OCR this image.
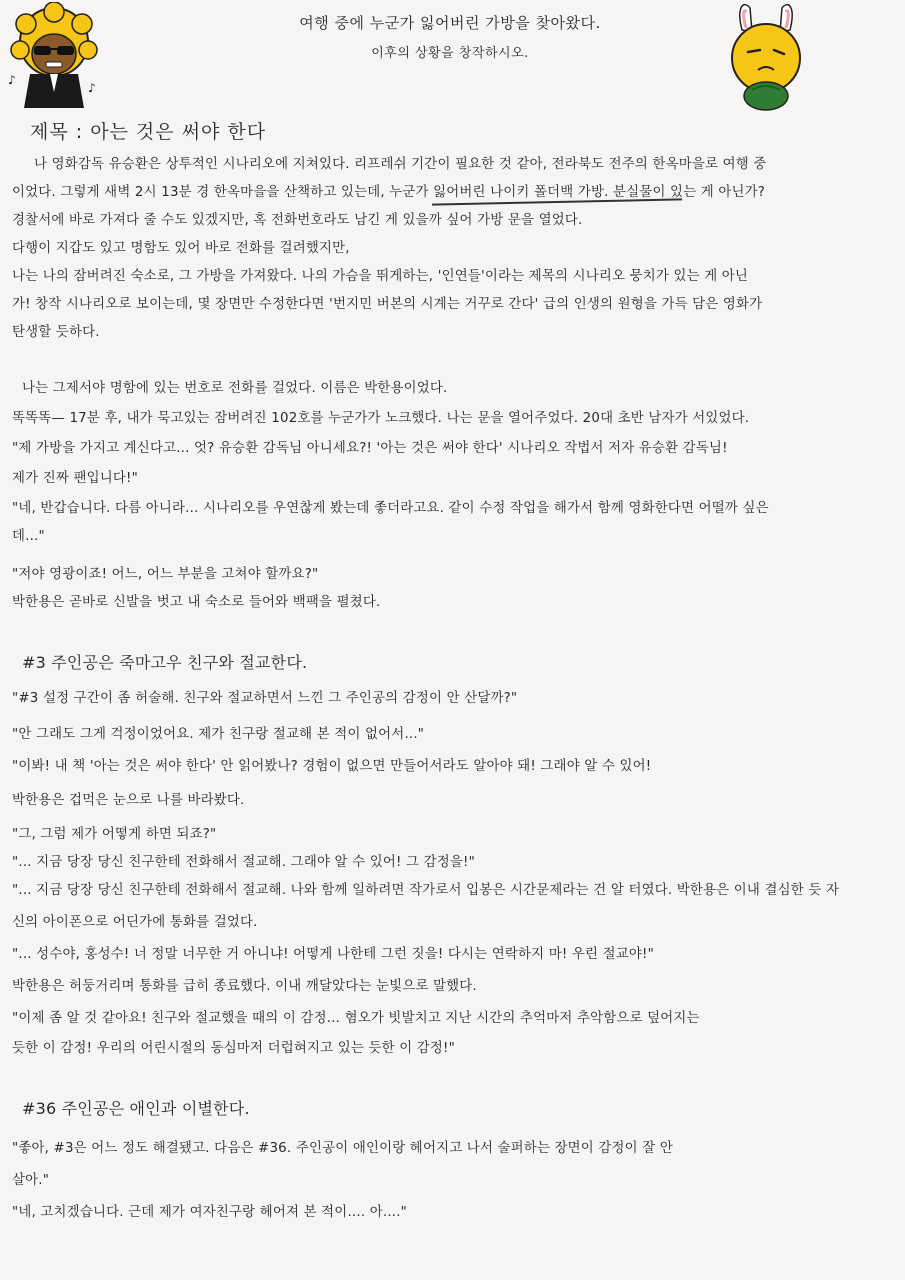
♪
♪
여행 중에 누군가 잃어버린 가방을 찾아왔다.
이후의 상황을 창작하시오.
제목 : 아는 것은 써야 한다
나 영화감독 유승환은 상투적인 시나리오에 지쳐있다. 리프레쉬 기간이 필요한 것 같아, 전라북도 전주의 한옥마을로 여행 중
이었다. 그렇게 새벽 2시 13분 경 한옥마을을 산책하고 있는데, 누군가 잃어버린 나이키 폴더백 가방. 분실물이 있는 게 아닌가?
경찰서에 바로 가져다 줄 수도 있겠지만, 혹 전화번호라도 남긴 게 있을까 싶어 가방 문을 열었다.
다행이 지갑도 있고 명함도 있어 바로 전화를 걸려했지만,
나는 나의 잠버려진 숙소로, 그 가방을 가져왔다. 나의 가슴을 뛰게하는, '인연들'이라는 제목의 시나리오 뭉치가 있는 게 아닌
가! 창작 시나리오로 보이는데, 몇 장면만 수정한다면 '번지민 버본의 시계는 거꾸로 간다' 급의 인생의 원형을 가득 담은 영화가
탄생할 듯하다.
나는 그제서야 명함에 있는 번호로 전화를 걸었다. 이름은 박한용이었다.
똑똑똑— 17분 후, 내가 묵고있는 잠버려진 102호를 누군가가 노크했다. 나는 문을 열어주었다. 20대 초반 남자가 서있었다.
"제 가방을 가지고 계신다고... 엇? 유승환 감독님 아니세요?! '아는 것은 써야 한다' 시나리오 작법서 저자 유승환 감독님!
제가 진짜 팬입니다!"
"네, 반갑습니다. 다름 아니라... 시나리오를 우연찮게 봤는데 좋더라고요. 같이 수정 작업을 해가서 함께 영화한다면 어떨까 싶은
데..."
"저야 영광이죠! 어느, 어느 부분을 고쳐야 할까요?"
박한용은 곧바로 신발을 벗고 내 숙소로 들어와 백팩을 펼쳤다.
#3 주인공은 죽마고우 친구와 절교한다.
"#3 설정 구간이 좀 허술해. 친구와 절교하면서 느낀 그 주인공의 감정이 안 산달까?"
"안 그래도 그게 걱정이었어요. 제가 친구랑 절교해 본 적이 없어서..."
"이봐! 내 책 '아는 것은 써야 한다' 안 읽어봤나? 경험이 없으면 만들어서라도 알아야 돼! 그래야 알 수 있어!
박한용은 겁먹은 눈으로 나를 바라봤다.
"그, 그럼 제가 어떻게 하면 되죠?"
"... 지금 당장 당신 친구한테 전화해서 절교해. 그래야 알 수 있어! 그 감정을!"
"... 지금 당장 당신 친구한테 전화해서 절교해. 나와 함께 일하려면 작가로서 입봉은 시간문제라는 건 알 터였다. 박한용은 이내 결심한 듯 자
신의 아이폰으로 어딘가에 통화를 걸었다.
"... 성수야, 홍성수! 너 정말 너무한 거 아니냐! 어떻게 나한테 그런 짓을! 다시는 연락하지 마! 우린 절교야!"
박한용은 허둥거리며 통화를 급히 종료했다. 이내 깨달았다는 눈빛으로 말했다.
"이제 좀 알 것 같아요! 친구와 절교했을 때의 이 감정... 혐오가 빗발치고 지난 시간의 추억마저 추악함으로 덮어지는
듯한 이 감정! 우리의 어린시절의 동심마저 더럽혀지고 있는 듯한 이 감정!"
#36 주인공은 애인과 이별한다.
"좋아, #3은 어느 정도 해결됐고. 다음은 #36. 주인공이 애인이랑 헤어지고 나서 술퍼하는 장면이 감정이 잘 안
살아."
"네, 고치겠습니다. 근데 제가 여자친구랑 헤어져 본 적이.... 아...."
